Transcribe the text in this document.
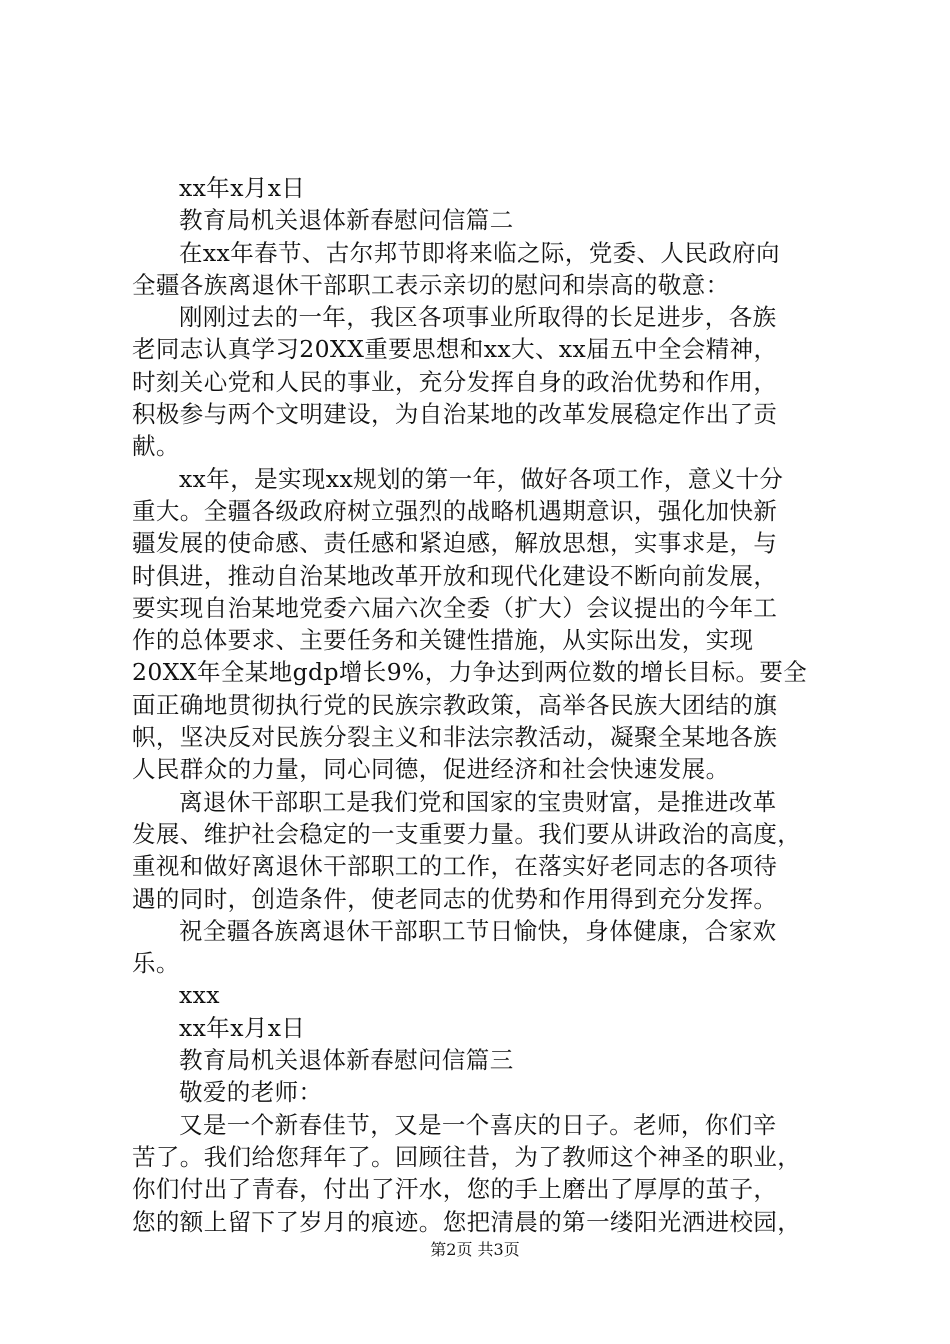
xx年x月x日
教育局机关退体新春慰问信篇二
在xx年春节、古尔邦节即将来临之际，党委、人民政府向
全疆各族离退休干部职工表示亲切的慰问和崇高的敬意：
刚刚过去的一年，我区各项事业所取得的长足进步，各族
老同志认真学习20XX重要思想和xx大、xx届五中全会精神，
时刻关心党和人民的事业，充分发挥自身的政治优势和作用，
积极参与两个文明建设，为自治某地的改革发展稳定作出了贡
献。
xx年，是实现xx规划的第一年，做好各项工作，意义十分
重大。全疆各级政府树立强烈的战略机遇期意识，强化加快新
疆发展的使命感、责任感和紧迫感，解放思想，实事求是，与
时俱进，推动自治某地改革开放和现代化建设不断向前发展，
要实现自治某地党委六届六次全委（扩大）会议提出的今年工
作的总体要求、主要任务和关键性措施，从实际出发，实现
20XX年全某地gdp增长9%，力争达到两位数的增长目标。要全
面正确地贯彻执行党的民族宗教政策，高举各民族大团结的旗
帜，坚决反对民族分裂主义和非法宗教活动，凝聚全某地各族
人民群众的力量，同心同德，促进经济和社会快速发展。
离退休干部职工是我们党和国家的宝贵财富，是推进改革
发展、维护社会稳定的一支重要力量。我们要从讲政治的高度，
重视和做好离退休干部职工的工作，在落实好老同志的各项待
遇的同时，创造条件，使老同志的优势和作用得到充分发挥。
祝全疆各族离退休干部职工节日愉快，身体健康，合家欢
乐。
xxx
xx年x月x日
教育局机关退体新春慰问信篇三
敬爱的老师：
又是一个新春佳节，又是一个喜庆的日子。老师，你们辛
苦了。我们给您拜年了。回顾往昔，为了教师这个神圣的职业，
你们付出了青春，付出了汗水，您的手上磨出了厚厚的茧子，
您的额上留下了岁月的痕迹。您把清晨的第一缕阳光洒进校园，
第2页 共3页
